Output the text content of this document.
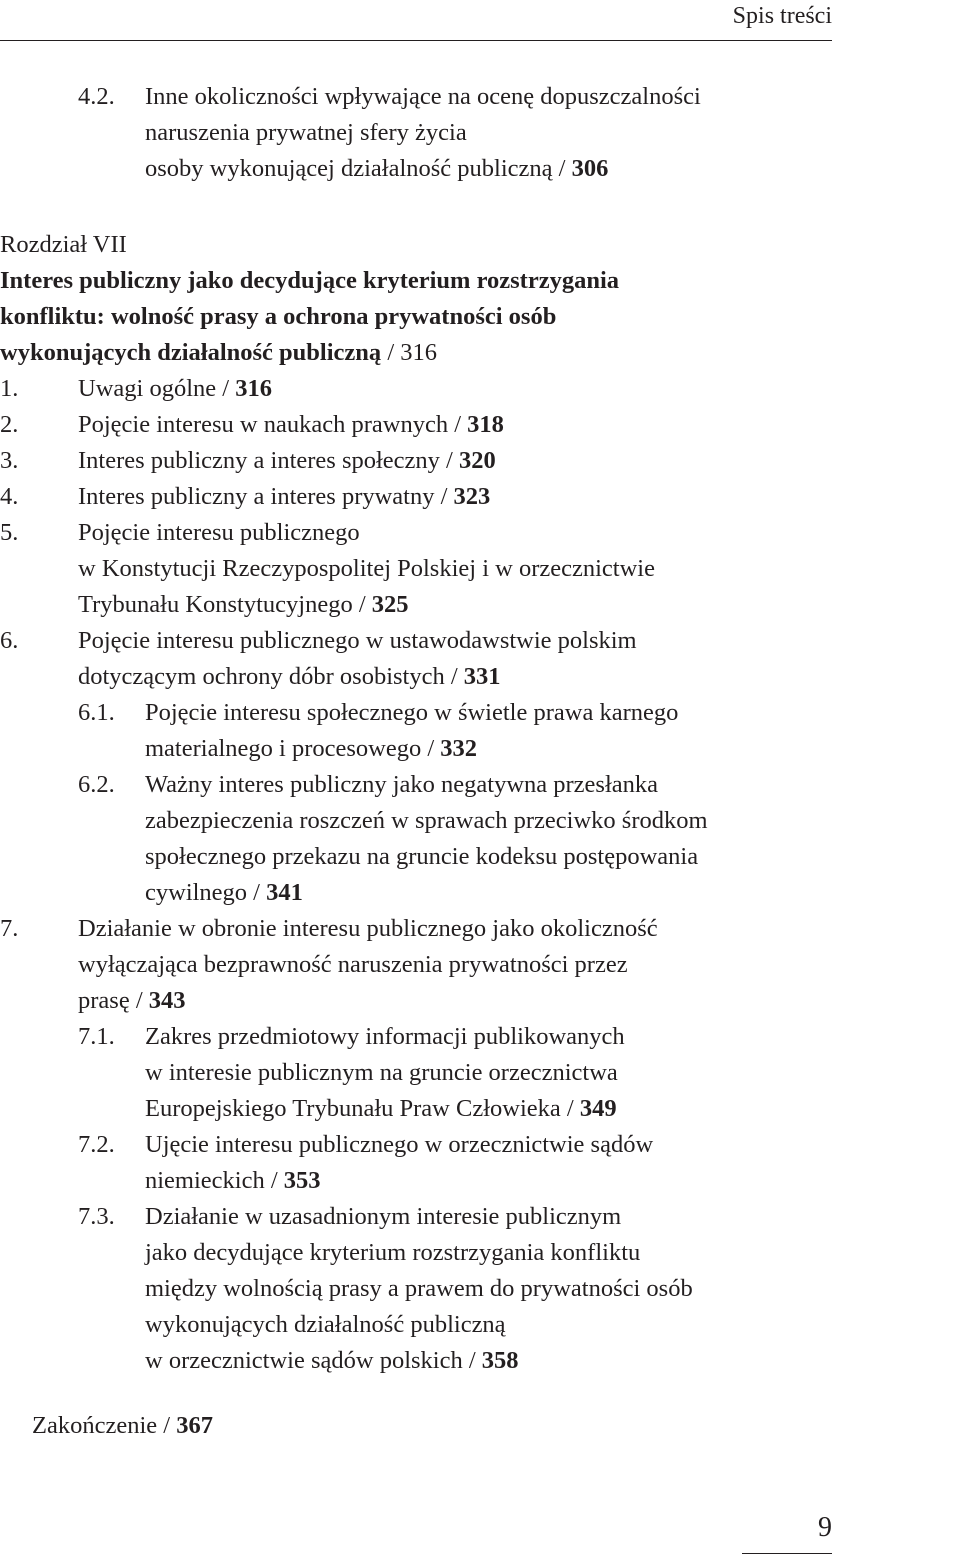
Spis treści
4.2. Inne okoliczności wpływające na ocenę dopuszczalności
naruszenia prywatnej sfery życia
osoby wykonującej działalność publiczną / 306
Rozdział VII
Interes publiczny jako decydujące kryterium rozstrzygania
konfliktu: wolność prasy a ochrona prywatności osób
wykonujących działalność publiczną / 316
1. Uwagi ogólne / 316
2. Pojęcie interesu w naukach prawnych / 318
3. Interes publiczny a interes społeczny / 320
4. Interes publiczny a interes prywatny / 323
5. Pojęcie interesu publicznego
w Konstytucji Rzeczypospolitej Polskiej i w orzecznictwie
Trybunału Konstytucyjnego / 325
6. Pojęcie interesu publicznego w ustawodawstwie polskim
dotyczącym ochrony dóbr osobistych / 331
6.1. Pojęcie interesu społecznego w świetle prawa karnego
materialnego i procesowego / 332
6.2. Ważny interes publiczny jako negatywna przesłanka
zabezpieczenia roszczeń w sprawach przeciwko środkom
społecznego przekazu na gruncie kodeksu postępowania
cywilnego / 341
7. Działanie w obronie interesu publicznego jako okoliczność
wyłączająca bezprawność naruszenia prywatności przez
prasę / 343
7.1. Zakres przedmiotowy informacji publikowanych
w interesie publicznym na gruncie orzecznictwa
Europejskiego Trybunału Praw Człowieka / 349
7.2. Ujęcie interesu publicznego w orzecznictwie sądów
niemieckich / 353
7.3. Działanie w uzasadnionym interesie publicznym
jako decydujące kryterium rozstrzygania konfliktu
między wolnością prasy a prawem do prywatności osób
wykonujących działalność publiczną
w orzecznictwie sądów polskich / 358
Zakończenie / 367
9
